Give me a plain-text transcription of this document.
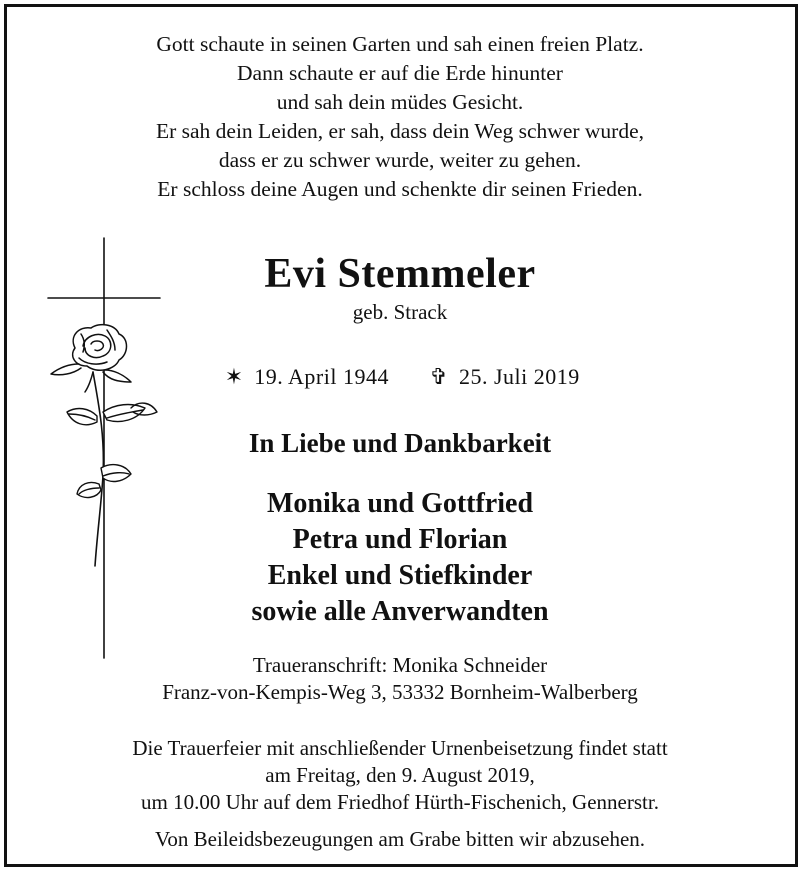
Gott schaute in seinen Garten und sah einen freien Platz.
Dann schaute er auf die Erde hinunter
und sah dein müdes Gesicht.
Er sah dein Leiden, er sah, dass dein Weg schwer wurde,
dass er zu schwer wurde, weiter zu gehen.
Er schloss deine Augen und schenkte dir seinen Frieden.
Evi Stemmeler
geb. Strack
✶ 19. April 1944 ✞ 25. Juli 2019
In Liebe und Dankbarkeit
Monika und Gottfried
Petra und Florian
Enkel und Stiefkinder
sowie alle Anverwandten
Traueranschrift: Monika Schneider
Franz-von-Kempis-Weg 3, 53332 Bornheim-Walberberg
Die Trauerfeier mit anschließender Urnenbeisetzung findet statt
am Freitag, den 9. August 2019,
um 10.00 Uhr auf dem Friedhof Hürth-Fischenich, Gennerstr.
Von Beileidsbezeugungen am Grabe bitten wir abzusehen.
